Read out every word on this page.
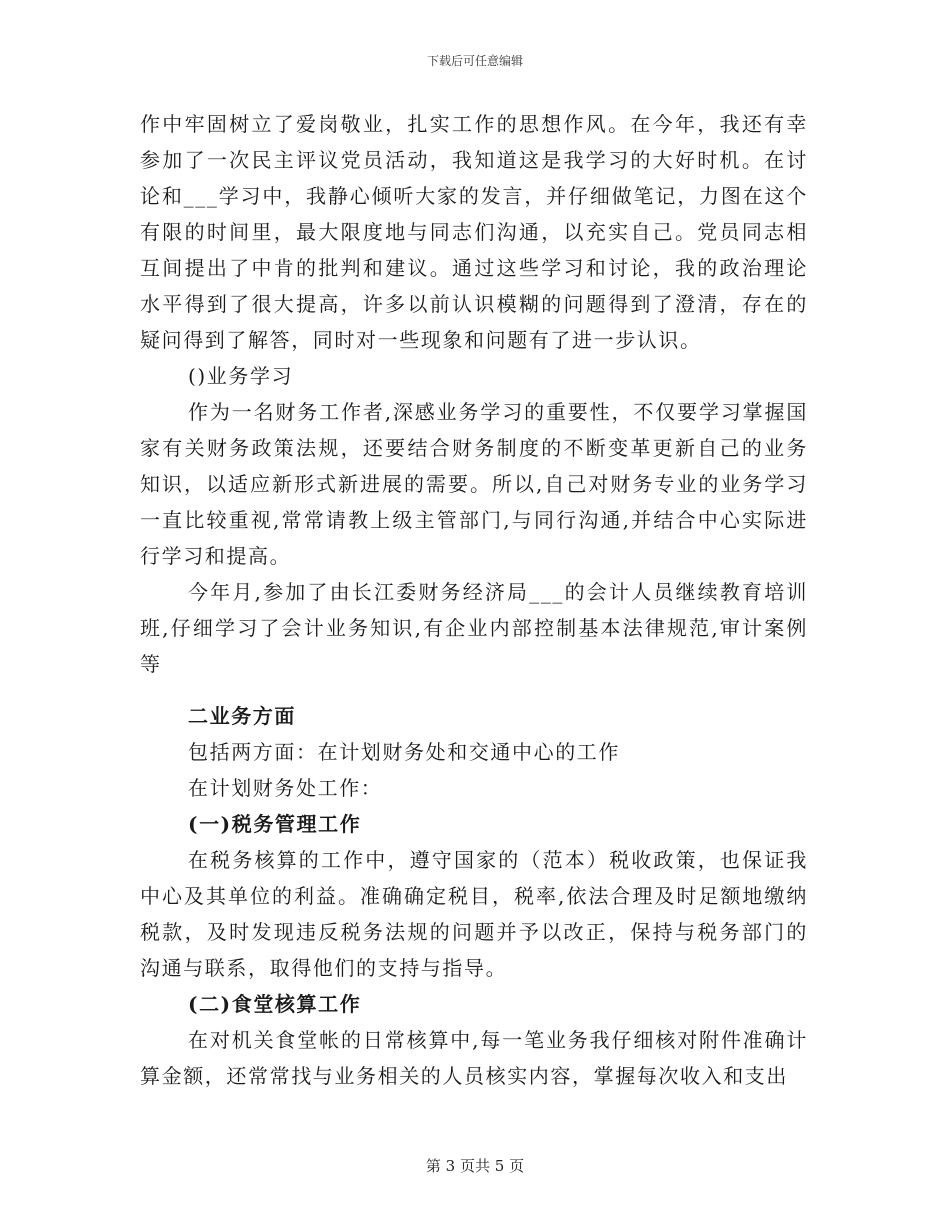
下载后可任意编辑

作中牢固树立了爱岗敬业，扎实工作的思想作风。在今年，我还有幸参加了一次民主评议党员活动，我知道这是我学习的大好时机。在讨论和___学习中，我静心倾听大家的发言，并仔细做笔记，力图在这个有限的时间里，最大限度地与同志们沟通，以充实自己。党员同志相互间提出了中肯的批判和建议。通过这些学习和讨论，我的政治理论水平得到了很大提高，许多以前认识模糊的问题得到了澄清，存在的疑问得到了解答，同时对一些现象和问题有了进一步认识。

()业务学习

作为一名财务工作者,深感业务学习的重要性，不仅要学习掌握国家有关财务政策法规，还要结合财务制度的不断变革更新自己的业务知识，以适应新形式新进展的需要。所以,自己对财务专业的业务学习一直比较重视,常常请教上级主管部门,与同行沟通,并结合中心实际进行学习和提高。

今年月,参加了由长江委财务经济局___的会计人员继续教育培训班,仔细学习了会计业务知识,有企业内部控制基本法律规范,审计案例等

二业务方面

包括两方面：在计划财务处和交通中心的工作

在计划财务处工作：

(一)税务管理工作

在税务核算的工作中，遵守国家的（范本）税收政策，也保证我中心及其单位的利益。准确确定税目，税率,依法合理及时足额地缴纳税款，及时发现违反税务法规的问题并予以改正，保持与税务部门的沟通与联系，取得他们的支持与指导。

(二)食堂核算工作

在对机关食堂帐的日常核算中,每一笔业务我仔细核对附件准确计算金额，还常常找与业务相关的人员核实内容，掌握每次收入和支出

第 3 页共 5 页
